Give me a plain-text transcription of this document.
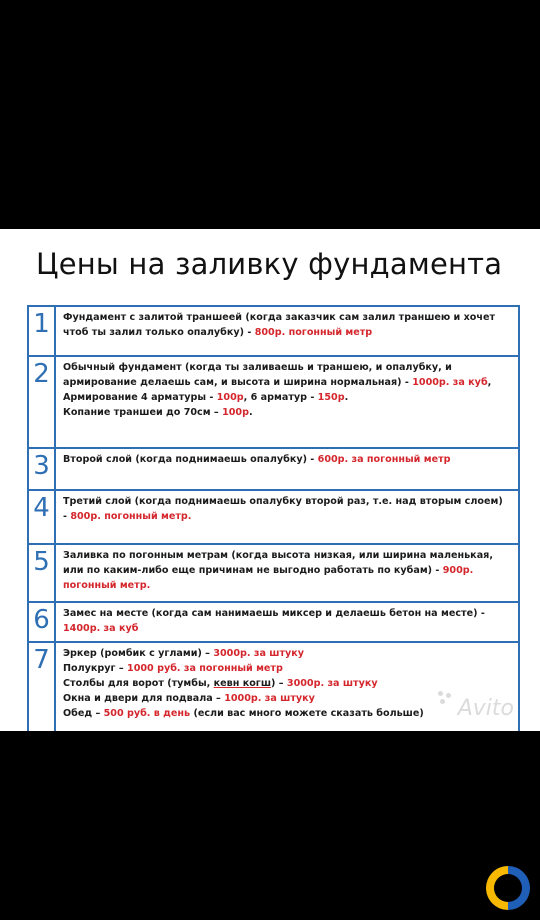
Цены на заливку фундамента
1	Фундамент с залитой траншеей (когда заказчик сам залил траншею и хочет чтоб ты залил только опалубку) - 800р. погонный метр

2	Обычный фундамент (когда ты заливаешь и траншею, и опалубку, и армирование делаешь сам, и высота и ширина нормальная) - 1000р. за куб,
Армирование 4 арматуры - 100р, 6 арматур - 150р.
Копание траншеи до 70см – 100р.

3	Второй слой (когда поднимаешь опалубку) - 600р. за погонный метр

4	Третий слой (когда поднимаешь опалубку второй раз, т.е. над вторым слоем) - 800р. погонный метр.

5	Заливка по погонным метрам (когда высота низкая, или ширина маленькая, или по каким-либо еще причинам не выгодно работать по кубам) - 900р. погонный метр.

6	Замес на месте (когда сам нанимаешь миксер и делаешь бетон на месте) - 1400р. за куб

7	Эркер (ромбик с углами) – 3000р. за штуку
Полукруг – 1000 руб. за погонный метр
Столбы для ворот (тумбы, кевн когш) – 3000р. за штуку
Окна и двери для подвала – 1000р. за штуку
Обед – 500 руб. в день (если вас много можете сказать больше)	Avito
